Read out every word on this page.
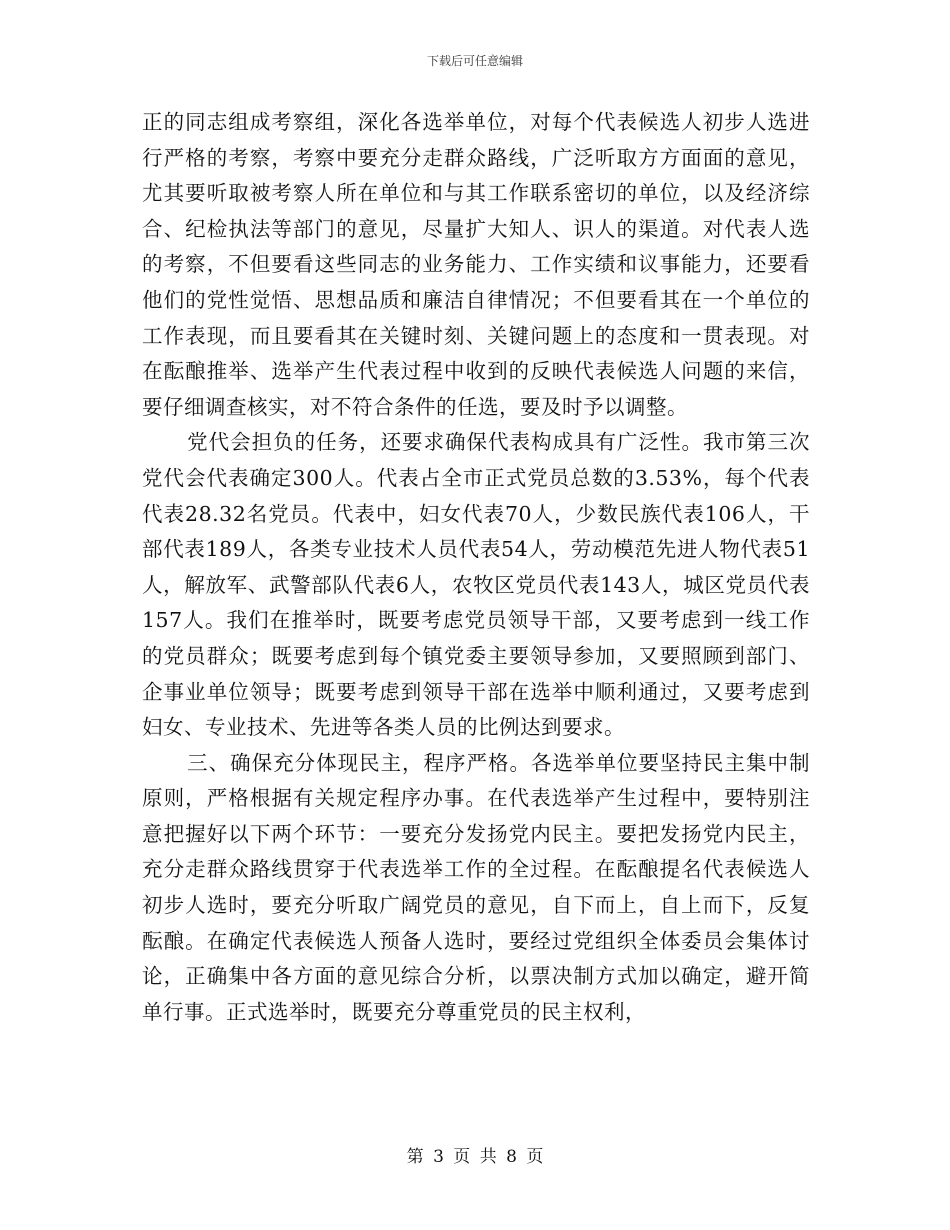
下载后可任意编辑

正的同志组成考察组，深化各选举单位，对每个代表候选人初步人选进行严格的考察，考察中要充分走群众路线，广泛听取方方面面的意见，尤其要听取被考察人所在单位和与其工作联系密切的单位，以及经济综合、纪检执法等部门的意见，尽量扩大知人、识人的渠道。对代表人选的考察，不但要看这些同志的业务能力、工作实绩和议事能力，还要看他们的党性觉悟、思想品质和廉洁自律情况；不但要看其在一个单位的工作表现，而且要看其在关键时刻、关键问题上的态度和一贯表现。对在酝酿推举、选举产生代表过程中收到的反映代表候选人问题的来信，要仔细调查核实，对不符合条件的任选，要及时予以调整。

党代会担负的任务，还要求确保代表构成具有广泛性。我市第三次党代会代表确定300人。代表占全市正式党员总数的3.53%，每个代表代表28.32名党员。代表中，妇女代表70人，少数民族代表106人，干部代表189人，各类专业技术人员代表54人，劳动模范先进人物代表51人，解放军、武警部队代表6人，农牧区党员代表143人，城区党员代表157人。我们在推举时，既要考虑党员领导干部，又要考虑到一线工作的党员群众；既要考虑到每个镇党委主要领导参加，又要照顾到部门、企事业单位领导；既要考虑到领导干部在选举中顺利通过，又要考虑到妇女、专业技术、先进等各类人员的比例达到要求。

三、确保充分体现民主，程序严格。各选举单位要坚持民主集中制原则，严格根据有关规定程序办事。在代表选举产生过程中，要特别注意把握好以下两个环节：一要充分发扬党内民主。要把发扬党内民主，充分走群众路线贯穿于代表选举工作的全过程。在酝酿提名代表候选人初步人选时，要充分听取广阔党员的意见，自下而上，自上而下，反复酝酿。在确定代表候选人预备人选时，要经过党组织全体委员会集体讨论，正确集中各方面的意见综合分析，以票决制方式加以确定，避开简单行事。正式选举时，既要充分尊重党员的民主权利，

第 3 页 共 8 页
